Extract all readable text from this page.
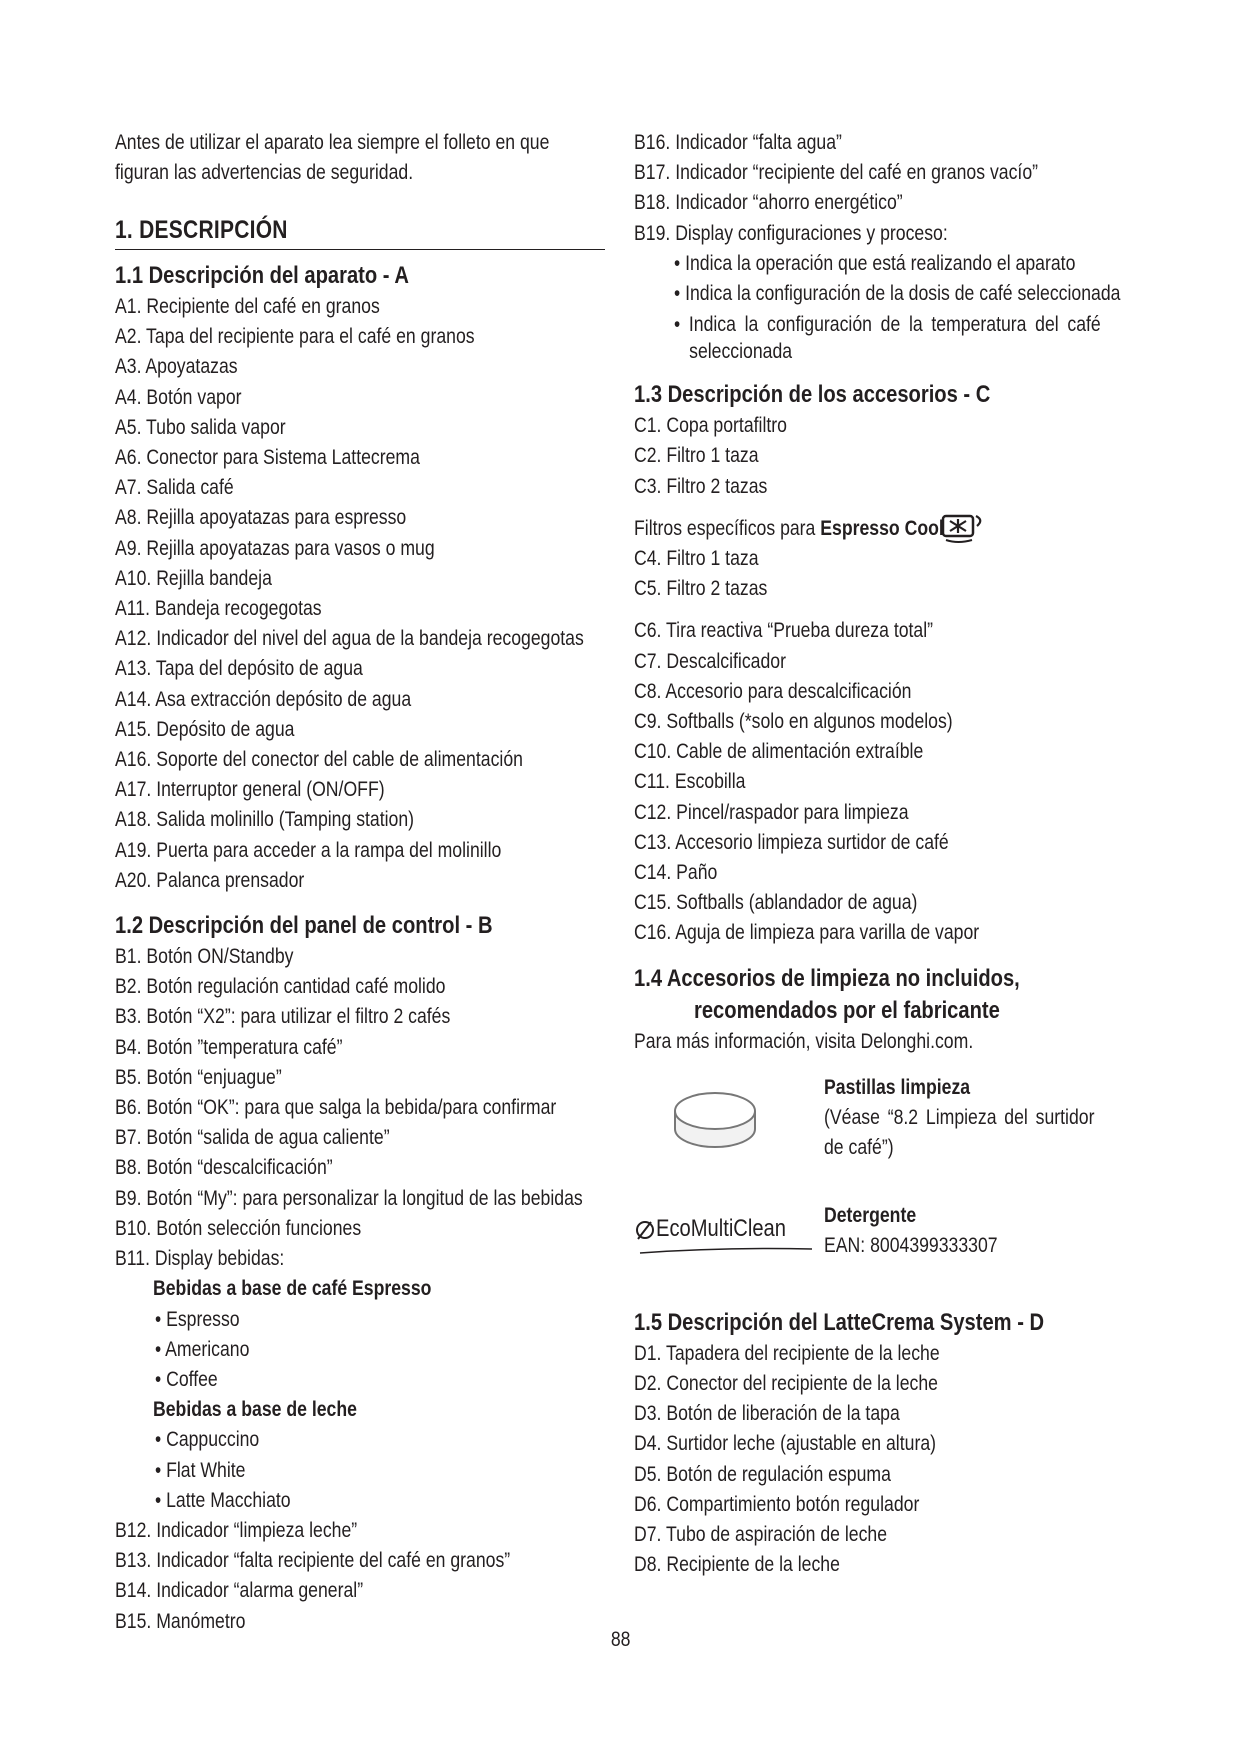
Antes de utilizar el aparato lea siempre el folleto en que figuran las advertencias de seguridad.

1. DESCRIPCIÓN
1.1 Descripción del aparato - A
A1. Recipiente del café en granos
A2. Tapa del recipiente para el café en granos
A3. Apoyatazas
A4. Botón vapor
A5. Tubo salida vapor
A6. Conector para Sistema Lattecrema
A7. Salida café
A8. Rejilla apoyatazas para espresso
A9. Rejilla apoyatazas para vasos o mug
A10. Rejilla bandeja
A11. Bandeja recogegotas
A12. Indicador del nivel del agua de la bandeja recogegotas
A13. Tapa del depósito de agua
A14. Asa extracción depósito de agua
A15. Depósito de agua
A16. Soporte del conector del cable de alimentación
A17. Interruptor general (ON/OFF)
A18. Salida molinillo (Tamping station)
A19. Puerta para acceder a la rampa del molinillo
A20. Palanca prensador
1.2 Descripción del panel de control - B
B1. Botón ON/Standby
B2. Botón regulación cantidad café molido
B3. Botón “X2”: para utilizar el filtro 2 cafés
B4. Botón ”temperatura café”
B5. Botón “enjuague”
B6. Botón “OK”: para que salga la bebida/para confirmar
B7. Botón “salida de agua caliente”
B8. Botón “descalcificación”
B9. Botón “My”: para personalizar la longitud de las bebidas
B10. Botón selección funciones
B11. Display bebidas:
Bebidas a base de café Espresso
• Espresso
• Americano
• Coffee
Bebidas a base de leche
• Cappuccino
• Flat White
• Latte Macchiato
B12. Indicador “limpieza leche”
B13. Indicador “falta recipiente del café en granos”
B14. Indicador “alarma general”
B15. Manómetro
B16. Indicador “falta agua”
B17. Indicador “recipiente del café en granos vacío”
B18. Indicador “ahorro energético”
B19. Display configuraciones y proceso:
• Indica la operación que está realizando el aparato
• Indica la configuración de la dosis de café seleccionada
• Indica la configuración de la temperatura del café seleccionada
1.3 Descripción de los accesorios - C
C1. Copa portafiltro
C2. Filtro 1 taza
C3. Filtro 2 tazas
Filtros específicos para Espresso Cool
C4. Filtro 1 taza
C5. Filtro 2 tazas
C6. Tira reactiva “Prueba dureza total”
C7. Descalcificador
C8. Accesorio para descalcificación
C9. Softballs (*solo en algunos modelos)
C10. Cable de alimentación extraíble
C11. Escobilla
C12. Pincel/raspador para limpieza
C13. Accesorio limpieza surtidor de café
C14. Paño
C15. Softballs (ablandador de agua)
C16. Aguja de limpieza para varilla de vapor
1.4 Accesorios de limpieza no incluidos,
recomendados por el fabricante
Para más información, visita Delonghi.com.
Pastillas limpieza
(Véase “8.2 Limpieza del surtidor de café”)
EcoMultiClean	Detergente
EAN: 8004399333307
1.5 Descripción del LatteCrema System - D
D1. Tapadera del recipiente de la leche
D2. Conector del recipiente de la leche
D3. Botón de liberación de la tapa
D4. Surtidor leche (ajustable en altura)
D5. Botón de regulación espuma
D6. Compartimiento botón regulador
D7. Tubo de aspiración de leche
D8. Recipiente de la leche
88
